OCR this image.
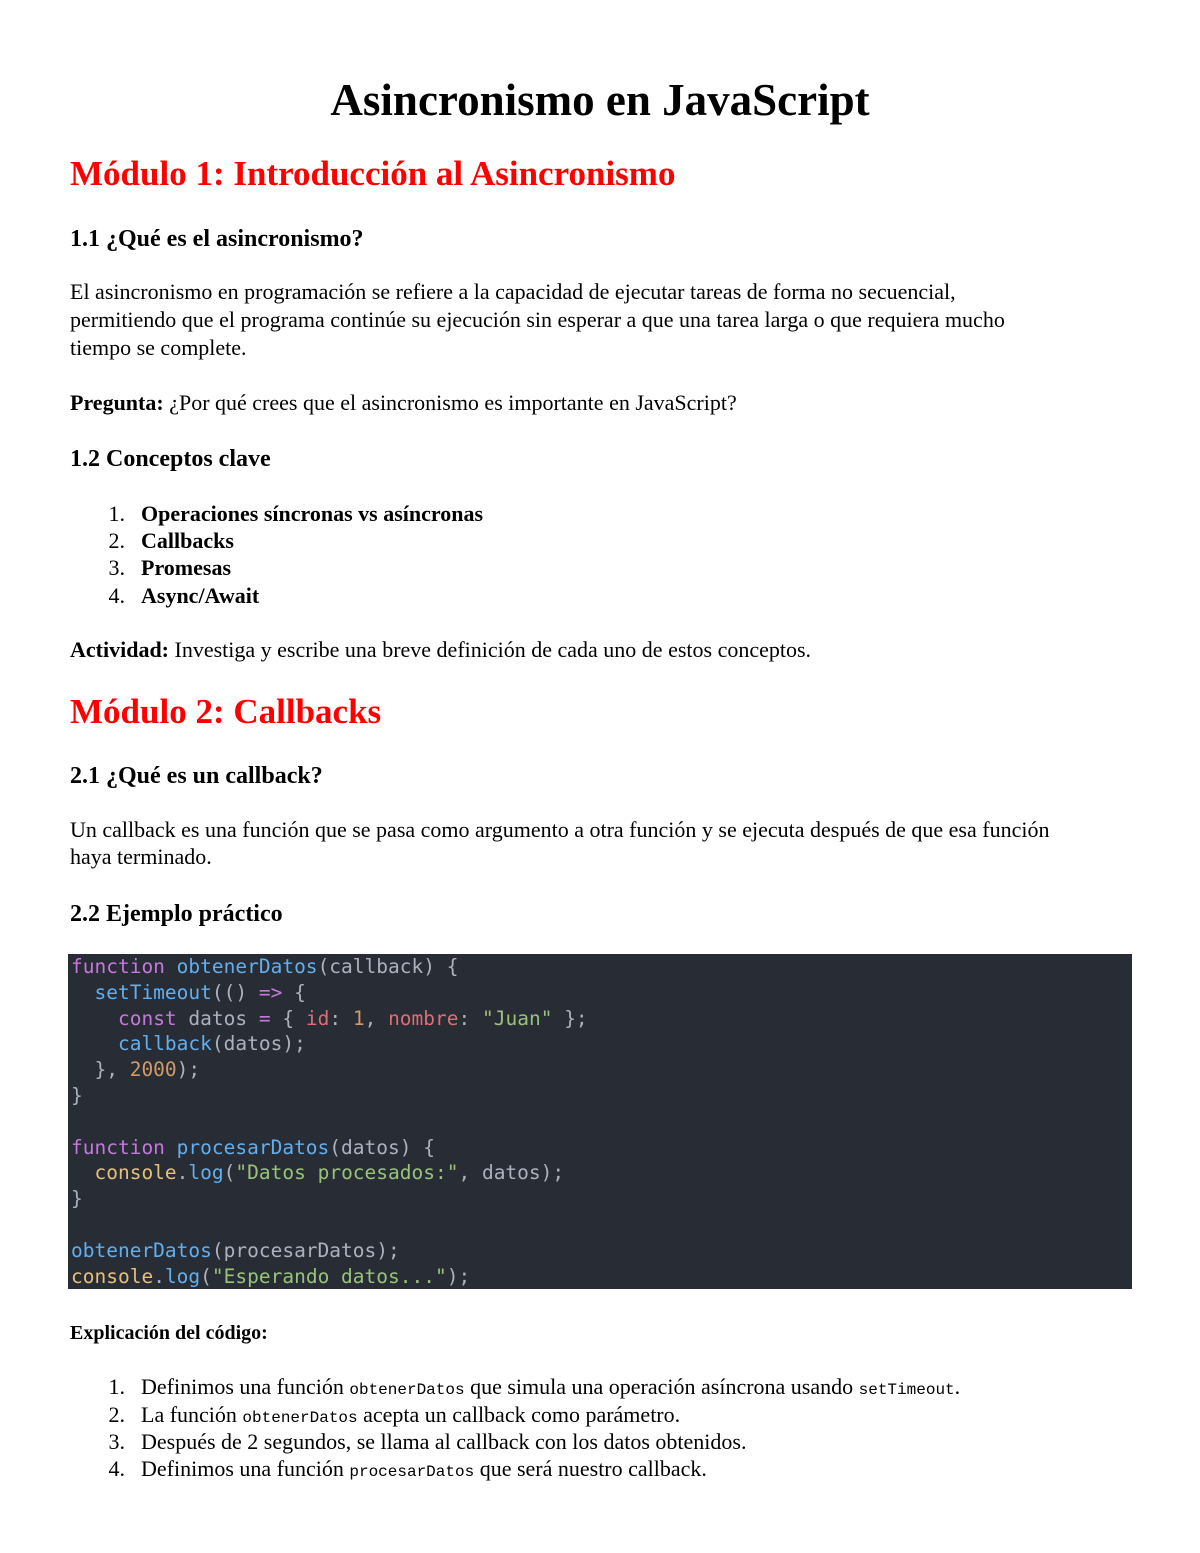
Asincronismo en JavaScript
Módulo 1: Introducción al Asincronismo
1.1 ¿Qué es el asincronismo?

El asincronismo en programación se refiere a la capacidad de ejecutar tareas de forma no secuencial,

permitiendo que el programa continúe su ejecución sin esperar a que una tarea larga o que requiera mucho

tiempo se complete.

Pregunta: ¿Por qué crees que el asincronismo es importante en JavaScript?

1.2 Conceptos clave
1. Operaciones síncronas vs asíncronas
2. Callbacks
3. Promesas
4. Async/Await

Actividad: Investiga y escribe una breve definición de cada uno de estos conceptos.

Módulo 2: Callbacks
2.1 ¿Qué es un callback?

Un callback es una función que se pasa como argumento a otra función y se ejecuta después de que esa función

haya terminado.

2.2 Ejemplo práctico
function obtenerDatos(callback) {
setTimeout(() => {
const datos = { id: 1, nombre: "Juan" };
callback(datos);
}, 2000);
}
function procesarDatos(datos) {
console.log("Datos procesados:", datos);
}
obtenerDatos(procesarDatos);
console.log("Esperando datos...");
Explicación del código:
1. Definimos una función obtenerDatos que simula una operación asíncrona usando setTimeout.
2. La función obtenerDatos acepta un callback como parámetro.
3. Después de 2 segundos, se llama al callback con los datos obtenidos.
4. Definimos una función procesarDatos que será nuestro callback.
